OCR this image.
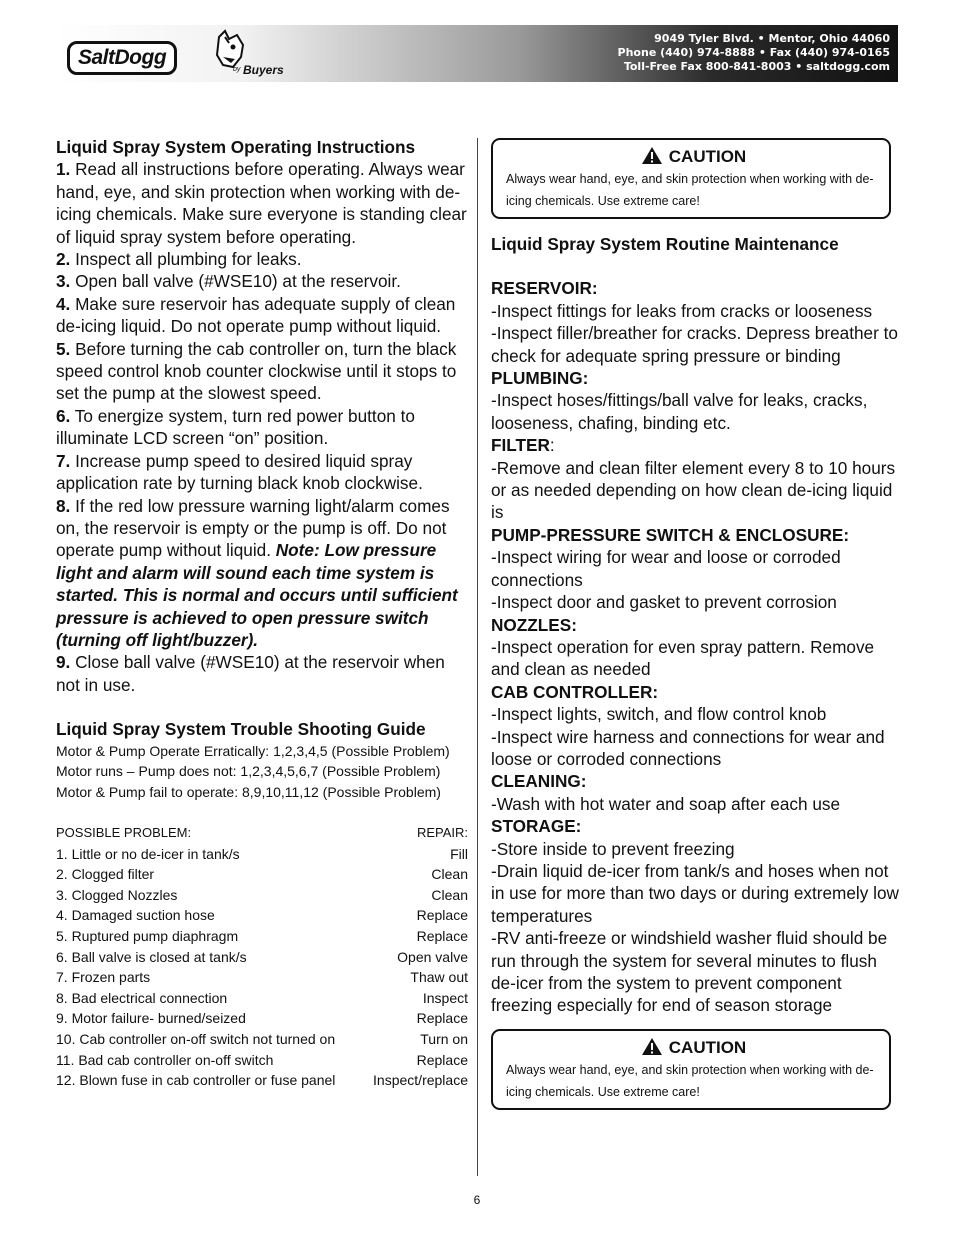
SaltDogg
by Buyers
9049 Tyler Blvd. • Mentor, Ohio 44060
Phone (440) 974-8888 • Fax (440) 974-0165
Toll-Free Fax 800-841-8003 • saltdogg.com

Liquid Spray System Operating Instructions

1. Read all instructions before operating. Always wear hand, eye, and skin protection when working with de-icing chemicals. Make sure everyone is standing clear of liquid spray system before operating.

2. Inspect all plumbing for leaks.

3. Open ball valve (#WSE10) at the reservoir.

4. Make sure reservoir has adequate supply of clean de-icing liquid. Do not operate pump without liquid.

5. Before turning the cab controller on, turn the black speed control knob counter clockwise until it stops to set the pump at the slowest speed.

6. To energize system, turn red power button to illuminate LCD screen “on” position.

7. Increase pump speed to desired liquid spray application rate by turning black knob clockwise.

8. If the red low pressure warning light/alarm comes on, the reservoir is empty or the pump is off. Do not operate pump without liquid. Note: Low pressure light and alarm will sound each time system is started. This is normal and occurs until sufficient pressure is achieved to open pressure switch (turning off light/buzzer).

9. Close ball valve (#WSE10) at the reservoir when not in use.

Liquid Spray System Trouble Shooting Guide

Motor & Pump Operate Erratically: 1,2,3,4,5 (Possible Problem)
Motor runs – Pump does not: 1,2,3,4,5,6,7 (Possible Problem)
Motor & Pump fail to operate: 8,9,10,11,12 (Possible Problem)
POSSIBLE PROBLEM:	REPAIR:
1. Little or no de-icer in tank/s	Fill
2. Clogged filter	Clean
3. Clogged Nozzles	Clean
4. Damaged suction hose	Replace
5. Ruptured pump diaphragm	Replace
6. Ball valve is closed at tank/s	Open valve
7. Frozen parts	Thaw out
8. Bad electrical connection	Inspect
9. Motor failure- burned/seized	Replace
10. Cab controller on-off switch not turned on	Turn on
11. Bad cab controller on-off switch	Replace
12. Blown fuse in cab controller or fuse panel	Inspect/replace
CAUTION
Always wear hand, eye, and skin protection when working with de-icing chemicals. Use extreme care!

Liquid Spray System Routine Maintenance

RESERVOIR:

-Inspect fittings for leaks from cracks or looseness

-Inspect filler/breather for cracks. Depress breather to check for adequate spring pressure or binding

PLUMBING:

-Inspect hoses/fittings/ball valve for leaks, cracks, looseness, chafing, binding etc.

FILTER:

-Remove and clean filter element every 8 to 10 hours or as needed depending on how clean de-icing liquid is

PUMP-PRESSURE SWITCH & ENCLOSURE:

-Inspect wiring for wear and loose or corroded connections

-Inspect door and gasket to prevent corrosion

NOZZLES:

-Inspect operation for even spray pattern. Remove and clean as needed

CAB CONTROLLER:

-Inspect lights, switch, and flow control knob

-Inspect wire harness and connections for wear and loose or corroded connections

CLEANING:

-Wash with hot water and soap after each use

STORAGE:

-Store inside to prevent freezing

-Drain liquid de-icer from tank/s and hoses when not in use for more than two days or during extremely low temperatures

-RV anti-freeze or windshield washer fluid should be run through the system for several minutes to flush de-icer from the system to prevent component freezing especially for end of season storage

CAUTION
Always wear hand, eye, and skin protection when working with de-icing chemicals. Use extreme care!
6
